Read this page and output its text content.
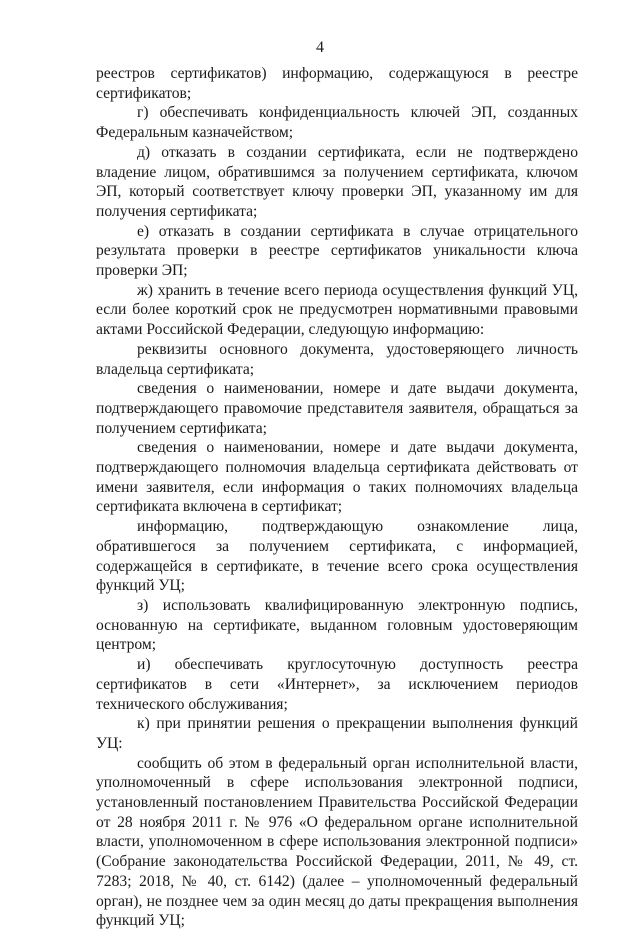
4

реестров сертификатов) информацию, содержащуюся в реестре сертификатов;

г) обеспечивать конфиденциальность ключей ЭП, созданных Федеральным казначейством;

д) отказать в создании сертификата, если не подтверждено владение лицом, обратившимся за получением сертификата, ключом ЭП, который соответствует ключу проверки ЭП, указанному им для получения сертификата;

е) отказать в создании сертификата в случае отрицательного результата проверки в реестре сертификатов уникальности ключа проверки ЭП;

ж) хранить в течение всего периода осуществления функций УЦ, если более короткий срок не предусмотрен нормативными правовыми актами Российской Федерации, следующую информацию:

реквизиты основного документа, удостоверяющего личность владельца сертификата;

сведения о наименовании, номере и дате выдачи документа, подтверждающего правомочие представителя заявителя, обращаться за получением сертификата;

сведения о наименовании, номере и дате выдачи документа, подтверждающего полномочия владельца сертификата действовать от имени заявителя, если информация о таких полномочиях владельца сертификата включена в сертификат;

информацию, подтверждающую ознакомление лица, обратившегося за получением сертификата, с информацией, содержащейся в сертификате, в течение всего срока осуществления функций УЦ;

з) использовать квалифицированную электронную подпись, основанную на сертификате, выданном головным удостоверяющим центром;

и) обеспечивать круглосуточную доступность реестра сертификатов в сети «Интернет», за исключением периодов технического обслуживания;

к) при принятии решения о прекращении выполнения функций УЦ:

сообщить об этом в федеральный орган исполнительной власти, уполномоченный в сфере использования электронной подписи, установленный постановлением Правительства Российской Федерации от 28 ноября 2011 г. № 976 «О федеральном органе исполнительной власти, уполномоченном в сфере использования электронной подписи» (Собрание законодательства Российской Федерации, 2011, № 49, ст. 7283; 2018, № 40, ст. 6142) (далее – уполномоченный федеральный орган), не позднее чем за один месяц до даты прекращения выполнения функций УЦ;
